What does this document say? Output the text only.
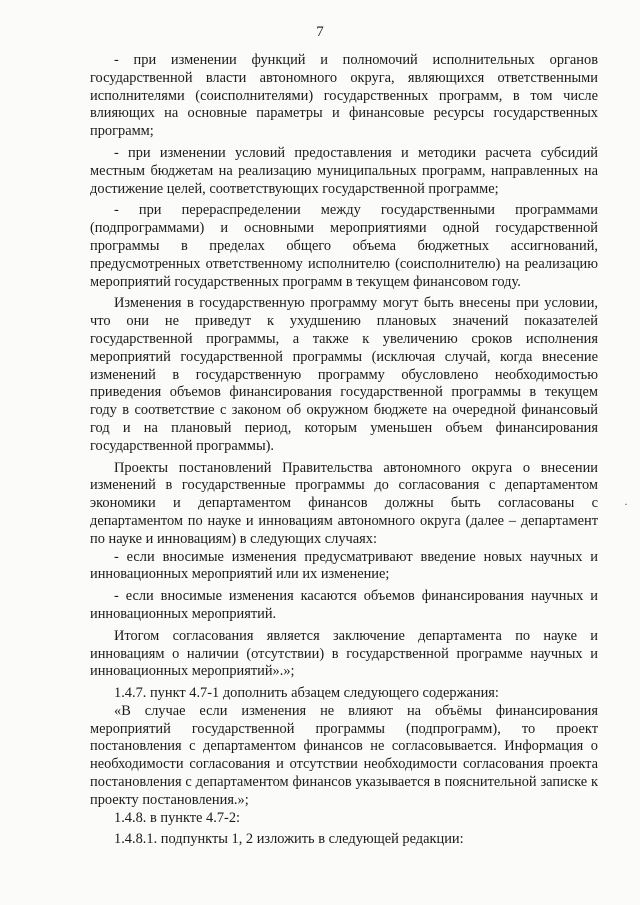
7
·

- при изменении функций и полномочий исполнительных органов государственной власти автономного округа, являющихся ответственными исполнителями (соисполнителями) государственных программ, в том числе влияющих на основные параметры и финансовые ресурсы государственных программ;

- при изменении условий предоставления и методики расчета субсидий местным бюджетам на реализацию муниципальных программ, направленных на достижение целей, соответствующих государственной программе;

- при перераспределении между государственными программами (подпрограммами) и основными мероприятиями одной государственной программы в пределах общего объема бюджетных ассигнований, предусмотренных ответственному исполнителю (соисполнителю) на реализацию мероприятий государственных программ в текущем финансовом году.

Изменения в государственную программу могут быть внесены при условии, что они не приведут к ухудшению плановых значений показателей государственной программы, а также к увеличению сроков исполнения мероприятий государственной программы (исключая случай, когда внесение изменений в государственную программу обусловлено необходимостью приведения объемов финансирования государственной программы в текущем году в соответствие с законом об окружном бюджете на очередной финансовый год и на плановый период, которым уменьшен объем финансирования государственной программы).

Проекты постановлений Правительства автономного округа о внесении изменений в государственные программы до согласования с департаментом экономики и департаментом финансов должны быть согласованы с департаментом по науке и инновациям автономного округа (далее – департамент по науке и инновациям) в следующих случаях:

- если вносимые изменения предусматривают введение новых научных и инновационных мероприятий или их изменение;

- если вносимые изменения касаются объемов финансирования научных и инновационных мероприятий.

Итогом согласования является заключение департамента по науке и инновациям о наличии (отсутствии) в государственной программе научных и инновационных мероприятий».»;

1.4.7. пункт 4.7-1 дополнить абзацем следующего содержания:

«В случае если изменения не влияют на объёмы финансирования мероприятий государственной программы (подпрограмм), то проект постановления с департаментом финансов не согласовывается. Информация о необходимости согласования и отсутствии необходимости согласования проекта постановления с департаментом финансов указывается в пояснительной записке к проекту постановления.»;

1.4.8. в пункте 4.7-2:

1.4.8.1. подпункты 1, 2 изложить в следующей редакции:
